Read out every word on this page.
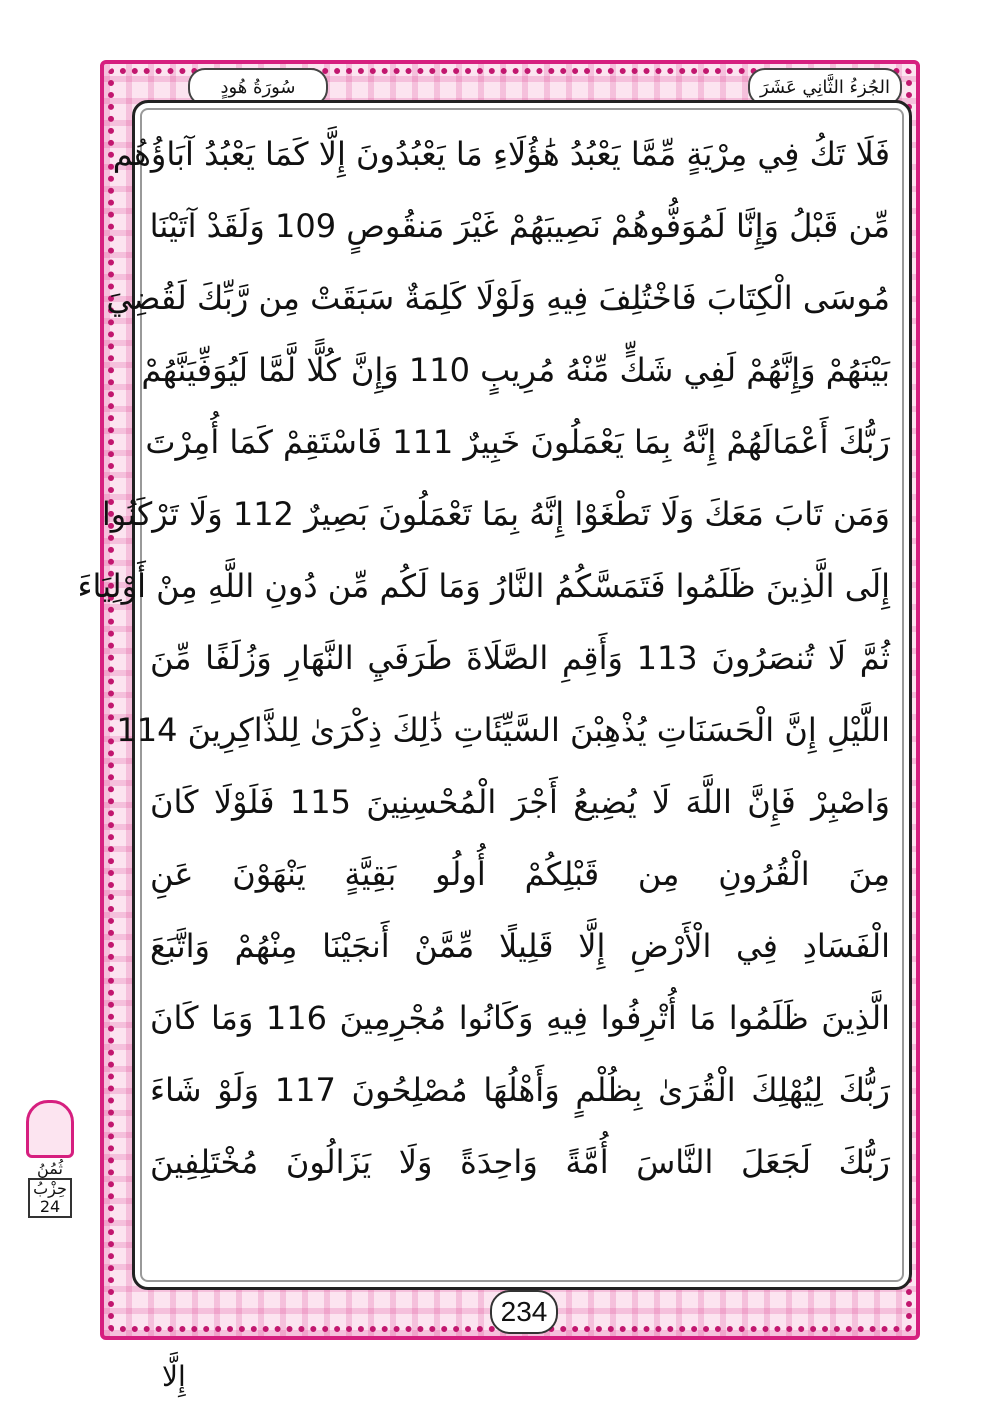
سُورَةُ هُودٍ	الجُزءُ الثَّانِي عَشَرَ
فَلَا تَكُ فِي مِرْيَةٍ مِّمَّا يَعْبُدُ هَٰؤُلَاءِ مَا يَعْبُدُونَ إِلَّا كَمَا يَعْبُدُ آبَاؤُهُم
مِّن قَبْلُ وَإِنَّا لَمُوَفُّوهُمْ نَصِيبَهُمْ غَيْرَ مَنقُوصٍ 109 وَلَقَدْ آتَيْنَا
مُوسَى الْكِتَابَ فَاخْتُلِفَ فِيهِ وَلَوْلَا كَلِمَةٌ سَبَقَتْ مِن رَّبِّكَ لَقُضِيَ
بَيْنَهُمْ وَإِنَّهُمْ لَفِي شَكٍّ مِّنْهُ مُرِيبٍ 110 وَإِنَّ كُلًّا لَّمَّا لَيُوَفِّيَنَّهُمْ
رَبُّكَ أَعْمَالَهُمْ إِنَّهُ بِمَا يَعْمَلُونَ خَبِيرٌ 111 فَاسْتَقِمْ كَمَا أُمِرْتَ
وَمَن تَابَ مَعَكَ وَلَا تَطْغَوْا إِنَّهُ بِمَا تَعْمَلُونَ بَصِيرٌ 112 وَلَا تَرْكَنُوا
إِلَى الَّذِينَ ظَلَمُوا فَتَمَسَّكُمُ النَّارُ وَمَا لَكُم مِّن دُونِ اللَّهِ مِنْ أَوْلِيَاءَ
ثُمَّ لَا تُنصَرُونَ 113 وَأَقِمِ الصَّلَاةَ طَرَفَيِ النَّهَارِ وَزُلَفًا مِّنَ
اللَّيْلِ إِنَّ الْحَسَنَاتِ يُذْهِبْنَ السَّيِّئَاتِ ذَٰلِكَ ذِكْرَىٰ لِلذَّاكِرِينَ 114
وَاصْبِرْ فَإِنَّ اللَّهَ لَا يُضِيعُ أَجْرَ الْمُحْسِنِينَ 115 فَلَوْلَا كَانَ
مِنَ الْقُرُونِ مِن قَبْلِكُمْ أُولُو بَقِيَّةٍ يَنْهَوْنَ عَنِ
الْفَسَادِ فِي الْأَرْضِ إِلَّا قَلِيلًا مِّمَّنْ أَنجَيْنَا مِنْهُمْ وَاتَّبَعَ
الَّذِينَ ظَلَمُوا مَا أُتْرِفُوا فِيهِ وَكَانُوا مُجْرِمِينَ 116 وَمَا كَانَ
رَبُّكَ لِيُهْلِكَ الْقُرَىٰ بِظُلْمٍ وَأَهْلُهَا مُصْلِحُونَ 117 وَلَوْ شَاءَ
رَبُّكَ لَجَعَلَ النَّاسَ أُمَّةً وَاحِدَةً وَلَا يَزَالُونَ مُخْتَلِفِينَ
234
ثُمُنُ
حِزْبُ
24
إِلَّا
